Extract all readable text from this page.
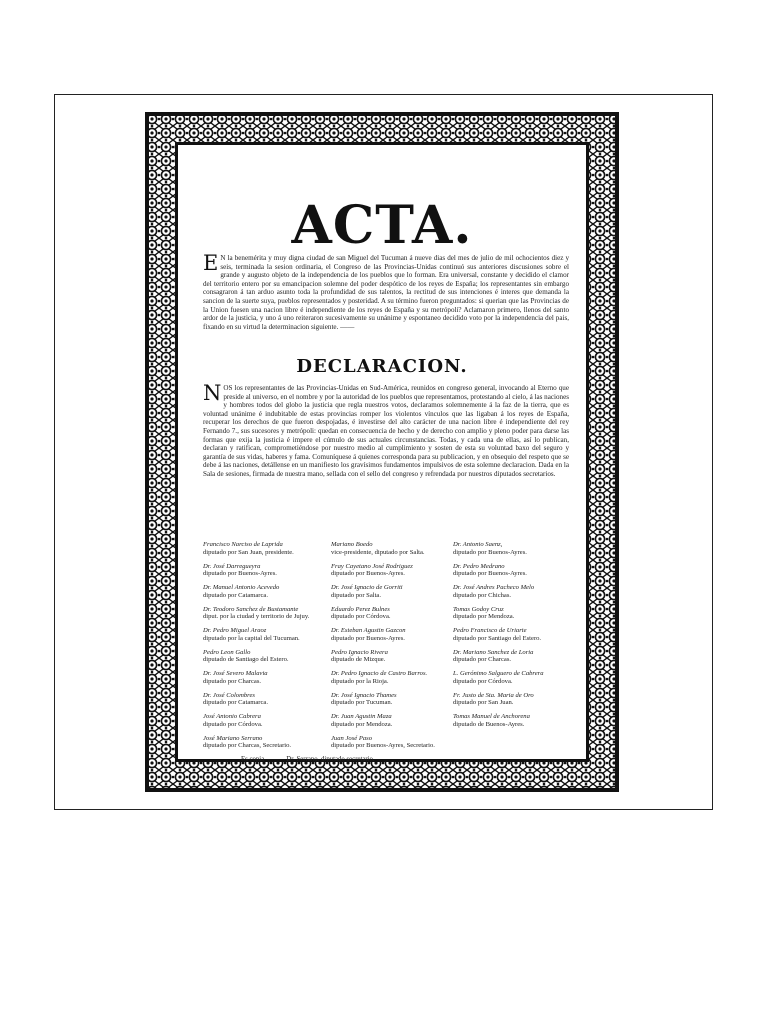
ACTA.

E N la benemérita y muy digna ciudad de san Miguel del Tucuman á nueve dias del mes de julio de mil ochocientos diez y seis, terminada la sesion ordinaria, el Congreso de las Provincias-Unidas continuó sus anteriores discusiones sobre el grande y augusto objeto de la independencia de los pueblos que lo forman. Era universal, constante y decidido el clamor del territorio entero por su emancipacion solemne del poder despótico de los reyes de España; los representantes sin embargo consagraron á tan arduo asunto toda la profundidad de sus talentos, la rectitud de sus intenciones é interes que demanda la sancion de la suerte suya, pueblos representados y posteridad. A su término fueron preguntados: si querian que las Provincias de la Union fuesen una nacion libre é independiente de los reyes de España y su metrópoli? Aclamaron primero, llenos del santo ardor de la justicia, y uno á uno reiteraron sucesivamente su unánime y espontaneo decidido voto por la independencia del pais, fixando en su virtud la determinacion siguiente. ——

DECLARACION.

NOS los representantes de las Provincias-Unidas en Sud-América, reunidos en congreso general, invocando al Eterno que preside al universo, en el nombre y por la autoridad de los pueblos que representamos, protestando al cielo, á las naciones y hombres todos del globo la justicia que regla nuestros votos, declaramos solemnemente á la faz de la tierra, que es voluntad unánime é indubitable de estas provincias romper los violentos vínculos que las ligaban á los reyes de España, recuperar los derechos de que fueron despojadas, é investirse del alto carácter de una nacion libre é independiente del rey Fernando 7., sus sucesores y metrópoli: quedan en consecuencia de hecho y de derecho con amplio y pleno poder para darse las formas que exija la justicia é impere el cúmulo de sus actuales circunstancias. Todas, y cada una de ellas, así lo publican, declaran y ratifican, comprometiéndose por nuestro medio al cumplimiento y sosten de esta su voluntad baxo del seguro y garantía de sus vidas, haberes y fama. Comuníquese á quienes corresponda para su publicacion, y en obsequio del respeto que se debe á las naciones, detállense en un manifiesto los gravísimos fundamentos impulsivos de esta solemne declaracion. Dada en la Sala de sesiones, firmada de nuestra mano, sellada con el sello del congreso y refrendada por nuestros diputados secretarios.

Francisco Narciso de Laprida
diputado por San Juan, presidente.
Mariano Boedo
vice-presidente, diputado por Salta.
Dr. Antonio Saenz,
diputado por Buenos-Ayres.
Dr. José Darregueyra
diputado por Buenos-Ayres.
Fray Cayetano José Rodriguez
diputado por Buenos-Ayres.
Dr. Pedro Medrano
diputado por Buenos-Ayres.
Dr. Manuel Antonio Acevedo
diputado por Catamarca.
Dr. José Ignacio de Gorriti
diputado por Salta.
Dr. José Andres Pacheco Melo
diputado por Chichas.
Dr. Teodoro Sanchez de Bustamante
diput. por la ciudad y territorio de Jujuy.
Eduardo Perez Bulnes
diputado por Córdova.
Tomas Godoy Cruz
diputado por Mendoza.
Dr. Pedro Miguel Araoz
diputado por la capital del Tucuman.
Dr. Esteban Agustin Gazcon
diputado por Buenos-Ayres.
Pedro Francisco de Uriarte
diputado por Santiago del Estero.
Pedro Leon Gallo
diputado de Santiago del Estero.
Pedro Ignacio Rivera
diputado de Mizque.
Dr. Mariano Sanchez de Loria
diputado por Charcas.
Dr. José Severo Malavia
diputado por Charcas.
Dr. Pedro Ignacio de Castro Barros.
diputado por la Rioja.
L. Gerónimo Salguero de Cabrera
diputado por Córdova.
Dr. José Colombres
diputado por Catamarca.
Dr. José Ignacio Thames
diputado por Tucuman.
Fr. Justo de Sta. Maria de Oro
diputado por San Juan.
José Antonio Cabrera
diputado por Córdova.
Dr. Juan Agustin Maza
diputado por Mendoza.
Tomas Manuel de Anchorena
diputado de Buenos-Ayres.
José Mariano Serrano
diputado por Charcas, Secretario.
Juan José Paso
diputado por Buenos-Ayres, Secretario.
Es copia——— Dr. Serrano, diputado secretario.
